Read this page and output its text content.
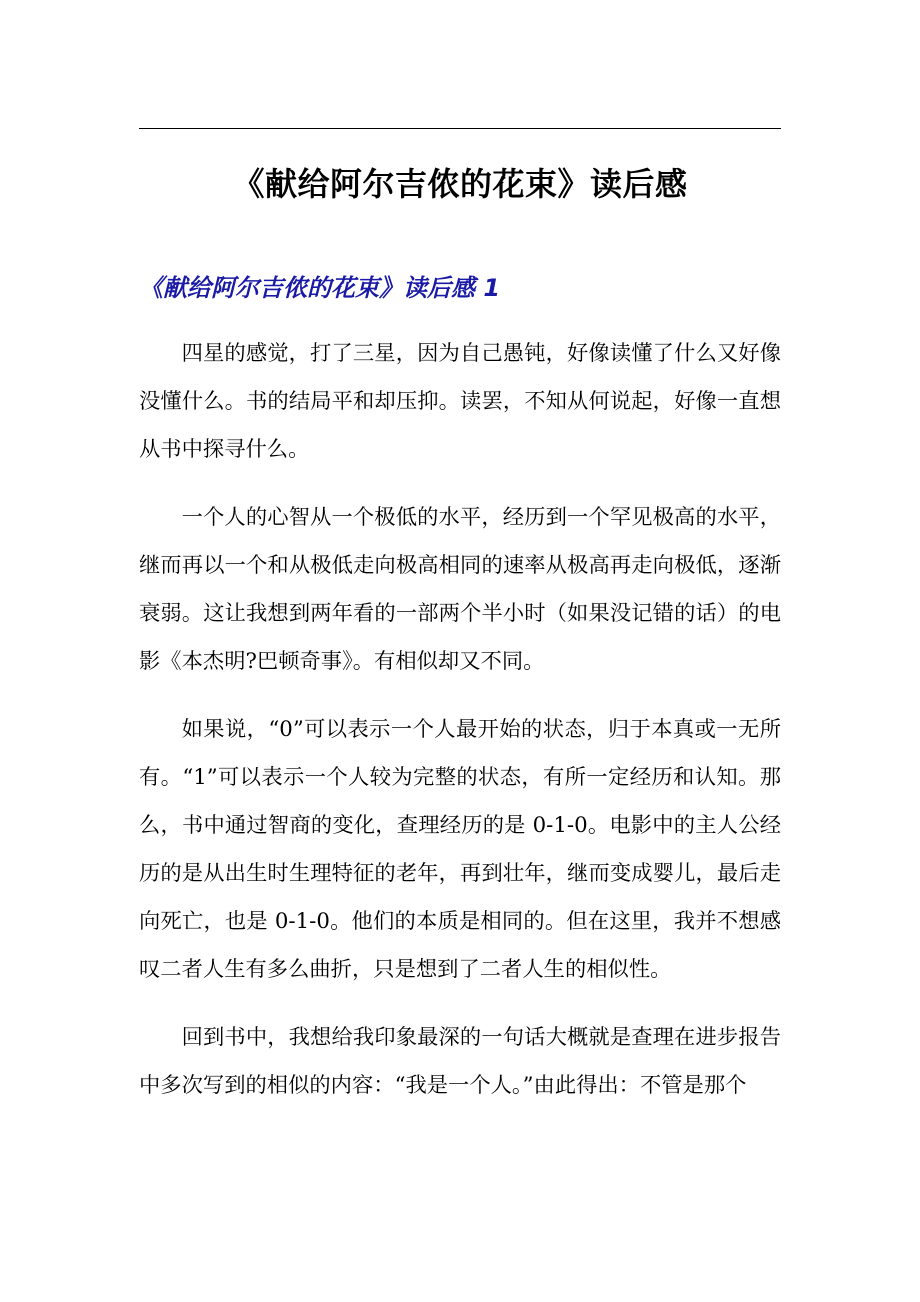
《献给阿尔吉侬的花束》读后感
《献给阿尔吉侬的花束》读后感 1

四星的感觉，打了三星，因为自己愚钝，好像读懂了什么又好像没懂什么。书的结局平和却压抑。读罢，不知从何说起，好像一直想从书中探寻什么。

一个人的心智从一个极低的水平，经历到一个罕见极高的水平，继而再以一个和从极低走向极高相同的速率从极高再走向极低，逐渐衰弱。这让我想到两年看的一部两个半小时（如果没记错的话）的电影《本杰明?巴顿奇事》。有相似却又不同。

如果说，“0”可以表示一个人最开始的状态，归于本真或一无所有。“1”可以表示一个人较为完整的状态，有所一定经历和认知。那么，书中通过智商的变化，查理经历的是 0-1-0。电影中的主人公经历的是从出生时生理特征的老年，再到壮年，继而变成婴儿，最后走向死亡，也是 0-1-0。他们的本质是相同的。但在这里，我并不想感叹二者人生有多么曲折，只是想到了二者人生的相似性。

回到书中，我想给我印象最深的一句话大概就是查理在进步报告中多次写到的相似的内容：“我是一个人。”由此得出：不管是那个
